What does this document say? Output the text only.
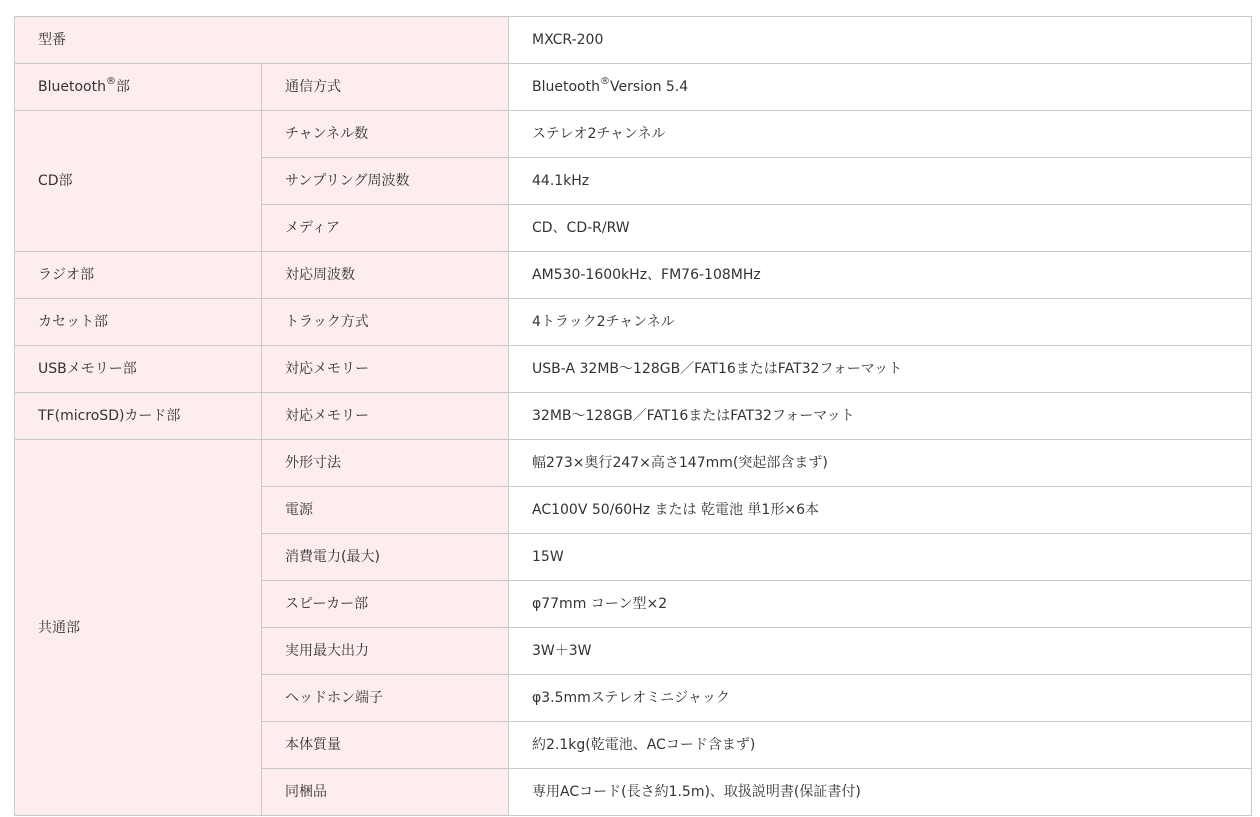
型番		MXCR-200
Bluetooth®部	通信方式	Bluetooth®Version 5.4
CD部	チャンネル数	ステレオ2チャンネル
	サンプリング周波数	44.1kHz
	メディア	CD、CD-R/RW
ラジオ部	対応周波数	AM530-1600kHz、FM76-108MHz
カセット部	トラック方式	4トラック2チャンネル
USBメモリー部	対応メモリー	USB-A 32MB～128GB／FAT16またはFAT32フォーマット
TF(microSD)カード部	対応メモリー	32MB～128GB／FAT16またはFAT32フォーマット
共通部	外形寸法	幅273×奥行247×高さ147mm(突起部含まず)
	電源	AC100V 50/60Hz または 乾電池 単1形×6本
	消費電力(最大)	15W
	スピーカー部	φ77mm コーン型×2
	実用最大出力	3W＋3W
	ヘッドホン端子	φ3.5mmステレオミニジャック
	本体質量	約2.1kg(乾電池、ACコード含まず)
	同梱品	専用ACコード(長さ約1.5m)、取扱説明書(保証書付)
